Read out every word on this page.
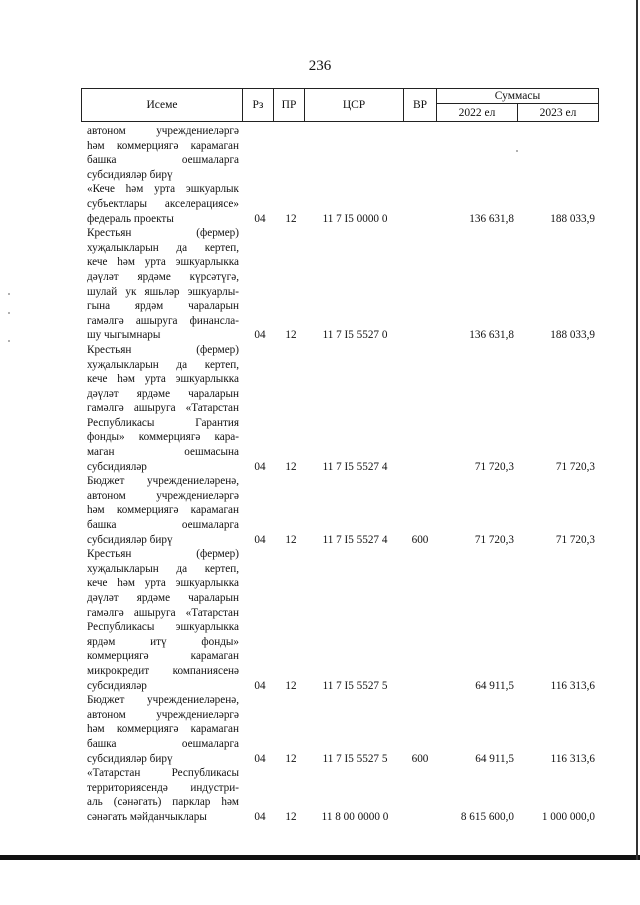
236
Исеме	Рз	ПР	ЦСР	ВР
Суммасы
2022 ел	2023 ел
автоном учреждениеләргә
һәм коммерциягә карамаган
башка оешмаларга
субсидияләр бирү
«Кече һәм урта эшкуарлык
субъектлары акселерациясе»
федераль проекты	04	12	11 7 I5 0000 0	136 631,8	188 033,9
Крестьян (фермер)
хуҗалыкларын да кертеп,
кече һәм урта эшкуарлыкка
дәүләт ярдәме күрсәтүгә,
шулай ук яшьләр эшкуарлы-
гына ярдәм чараларын
гамәлгә ашыруга финансла-
шу чыгымнары	04	12	11 7 I5 5527 0	136 631,8	188 033,9
Крестьян (фермер)
хуҗалыкларын да кертеп,
кече һәм урта эшкуарлыкка
дәүләт ярдәме чараларын
гамәлгә ашыруга «Татарстан
Республикасы Гарантия
фонды» коммерциягә кара-
маган оешмасына
субсидияләр	04	12	11 7 I5 5527 4	71 720,3	71 720,3
Бюджет учреждениеләренә,
автоном учреждениеләргә
һәм коммерциягә карамаган
башка оешмаларга
субсидияләр бирү	04	12	11 7 I5 5527 4	600	71 720,3	71 720,3
Крестьян (фермер)
хуҗалыкларын да кертеп,
кече һәм урта эшкуарлыкка
дәүләт ярдәме чараларын
гамәлгә ашыруга «Татарстан
Республикасы эшкуарлыкка
ярдәм итү фонды»
коммерциягә карамаган
микрокредит компаниясенә
субсидияләр	04	12	11 7 I5 5527 5	64 911,5	116 313,6
Бюджет учреждениеләренә,
автоном учреждениеләргә
һәм коммерциягә карамаган
башка оешмаларга
субсидияләр бирү	04	12	11 7 I5 5527 5	600	64 911,5	116 313,6
«Татарстан Республикасы
территориясендә индустри-
аль (сәнәгать) парклар һәм
сәнәгать мәйданчыклары	04	12	11 8 00 0000 0	8 615 600,0	1 000 000,0
